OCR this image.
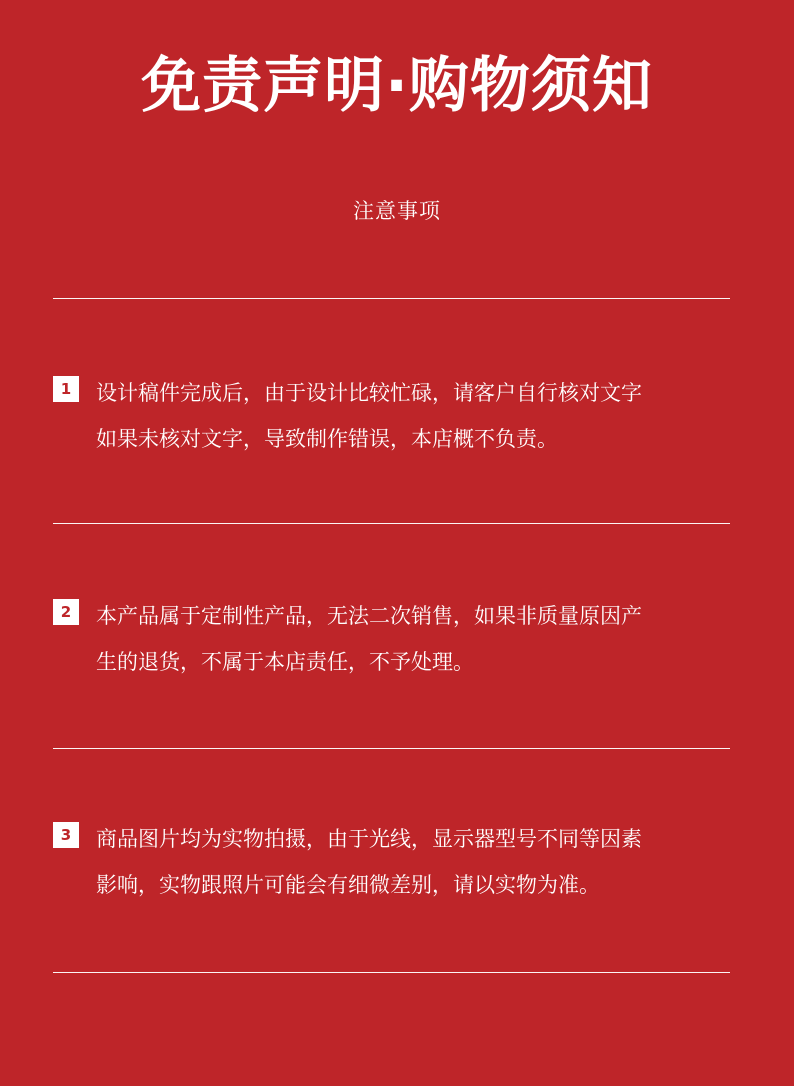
免责声明·购物须知
注意事项
1	设计稿件完成后，由于设计比较忙碌，请客户自行核对文字
如果未核对文字，导致制作错误，本店概不负责。
2	本产品属于定制性产品，无法二次销售，如果非质量原因产
生的退货，不属于本店责任，不予处理。
3	商品图片均为实物拍摄，由于光线，显示器型号不同等因素
影响，实物跟照片可能会有细微差别，请以实物为准。
